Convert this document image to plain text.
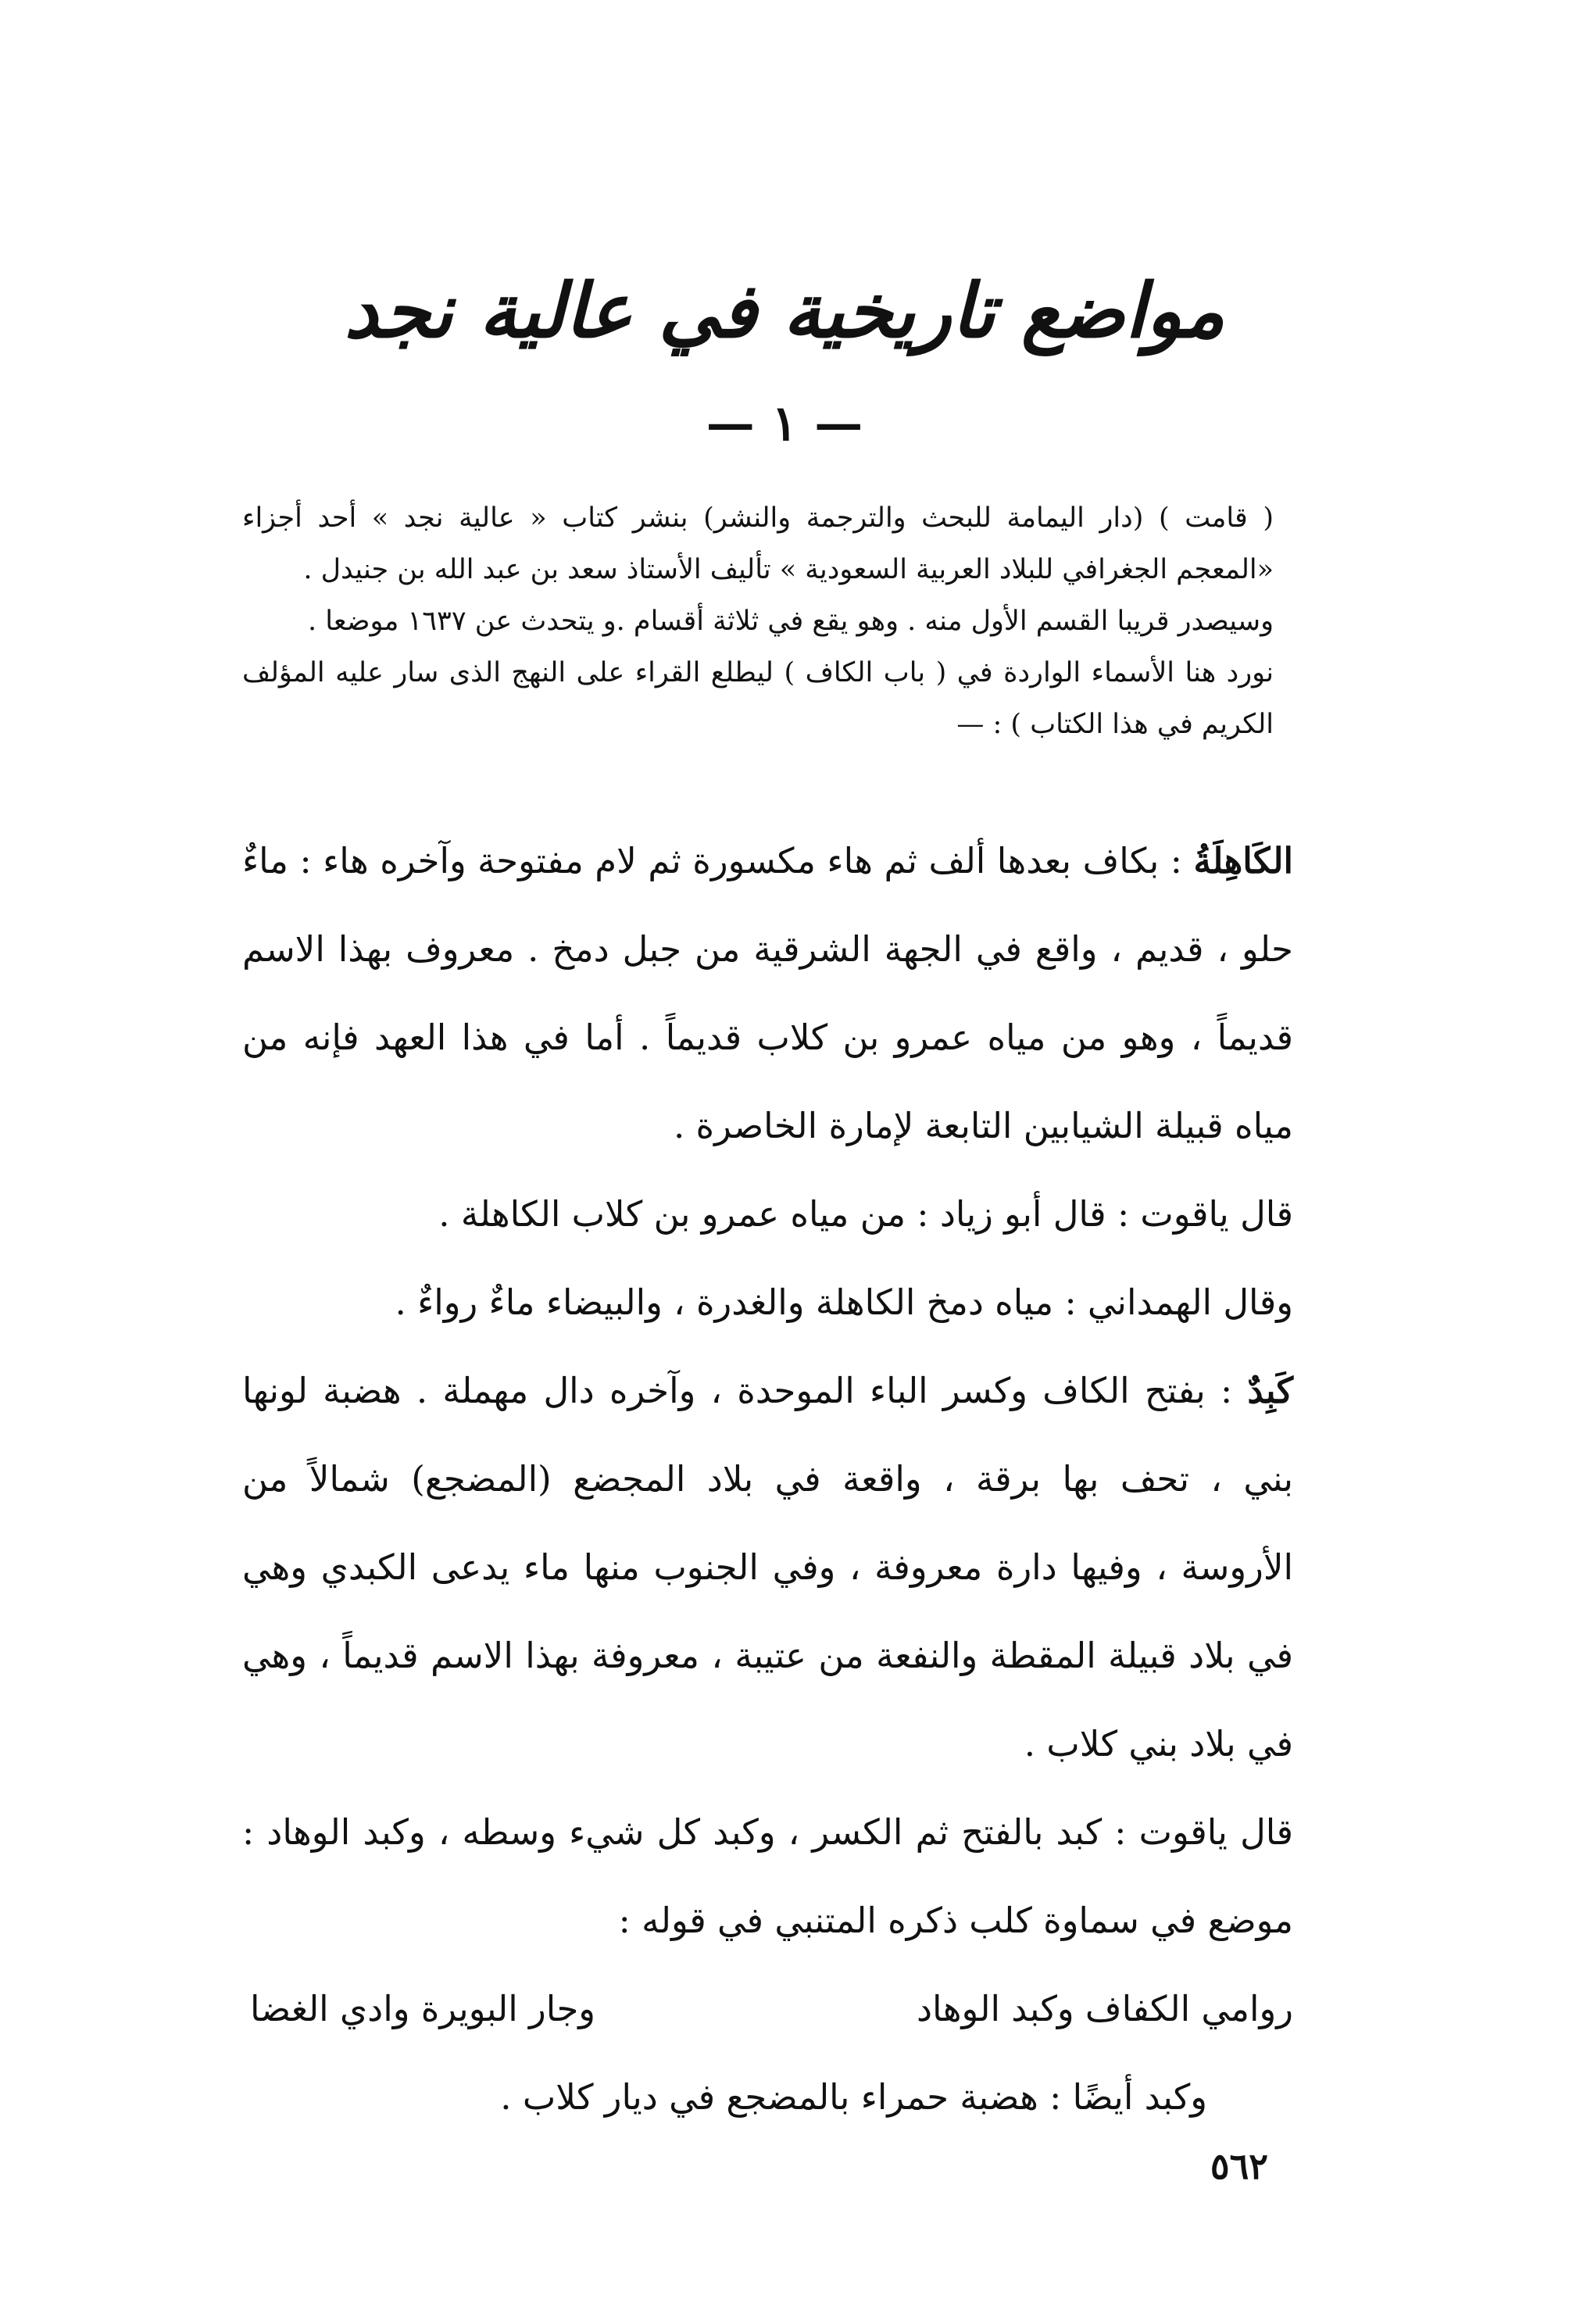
مواضع تاريخية في عالية نجد
— ١ —

( قامت ) (دار اليمامة للبحث والترجمة والنشر) بنشر كتاب « عالية نجد » أحد أجزاء «المعجم الجغرافي للبلاد العربية السعودية » تأليف الأستاذ سعد بن عبد الله بن جنيدل .

وسيصدر قريبا القسم الأول منه . وهو يقع في ثلاثة أقسام .و يتحدث عن ١٦٣٧ موضعا .

نورد هنا الأسماء الواردة في ( باب الكاف ) ليطلع القراء على النهج الذى سار عليه المؤلف الكريم في هذا الكتاب ) : —

الكَاهِلَةُ : بكاف بعدها ألف ثم هاء مكسورة ثم لام مفتوحة وآخره هاء : ماءٌ حلو ، قديم ، واقع في الجهة الشرقية من جبل دمخ . معروف بهذا الاسم قديماً ، وهو من مياه عمرو بن كلاب قديماً . أما في هذا العهد فإنه من مياه قبيلة الشيابين التابعة لإمارة الخاصرة .

قال ياقوت : قال أبو زياد : من مياه عمرو بن كلاب الكاهلة .

وقال الهمداني : مياه دمخ الكاهلة والغدرة ، والبيضاء ماءٌ رواءٌ .

كَبِدٌ : بفتح الكاف وكسر الباء الموحدة ، وآخره دال مهملة . هضبة لونها بني ، تحف بها برقة ، واقعة في بلاد المجضع (المضجع) شمالاً من الأروسة ، وفيها دارة معروفة ، وفي الجنوب منها ماء يدعى الكبدي وهي في بلاد قبيلة المقطة والنفعة من عتيبة ، معروفة بهذا الاسم قديماً ، وهي في بلاد بني كلاب .

قال ياقوت : كبد بالفتح ثم الكسر ، وكبد كل شيء وسطه ، وكبد الوهاد : موضع في سماوة كلب ذكره المتنبي في قوله :

روامي الكفاف وكبد الوهاد
وجار البويرة وادي الغضا

وكبد أيضًا : هضبة حمراء بالمضجع في ديار كلاب .

٥٦٢
